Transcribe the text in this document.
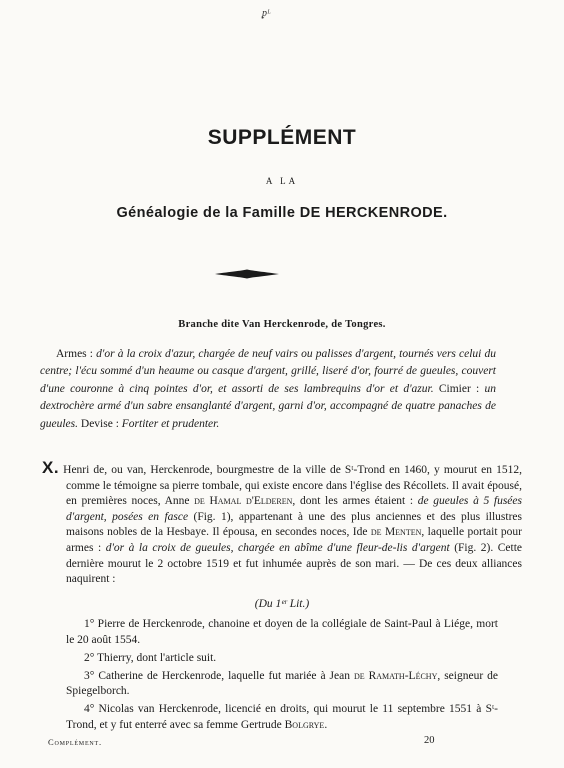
ᵱᴸ
SUPPLÉMENT
A LA
Généalogie de la Famille DE HERCKENRODE.
Branche dite Van Herckenrode, de Tongres.

Armes : d'or à la croix d'azur, chargée de neuf vairs ou palisses d'argent, tournés vers celui du centre; l'écu sommé d'un heaume ou casque d'argent, grillé, liseré d'or, fourré de gueules, couvert d'une couronne à cinq pointes d'or, et assorti de ses lambrequins d'or et d'azur. Cimier : un dextrochère armé d'un sabre ensanglanté d'argent, garni d'or, accompagné de quatre panaches de gueules. Devise : Fortiter et prudenter.

X. Henri de, ou van, Herckenrode, bourgmestre de la ville de Sᵗ-Trond en 1460, y mourut en 1512, comme le témoigne sa pierre tombale, qui existe encore dans l'église des Récollets. Il avait épousé, en premières noces, Anne de Hamal d'Elderen, dont les armes étaient : de gueules à 5 fusées d'argent, posées en fasce (Fig. 1), appartenant à une des plus anciennes et des plus illustres maisons nobles de la Hesbaye. Il épousa, en secondes noces, Ide de Menten, laquelle portait pour armes : d'or à la croix de gueules, chargée en abîme d'une fleur-de-lis d'argent (Fig. 2). Cette dernière mourut le 2 octobre 1519 et fut inhumée auprès de son mari. — De ces deux alliances naquirent :

(Du 1ᵉʳ Lit.)

1° Pierre de Herckenrode, chanoine et doyen de la collégiale de Saint-Paul à Liége, mort le 20 août 1554.

2° Thierry, dont l'article suit.

3° Catherine de Herckenrode, laquelle fut mariée à Jean de Ramath-Léchy, seigneur de Spiegelborch.

4° Nicolas van Herckenrode, licencié en droits, qui mourut le 11 septembre 1551 à Sᵗ-Trond, et y fut enterré avec sa femme Gertrude Bolgrye.

Complément.	20
